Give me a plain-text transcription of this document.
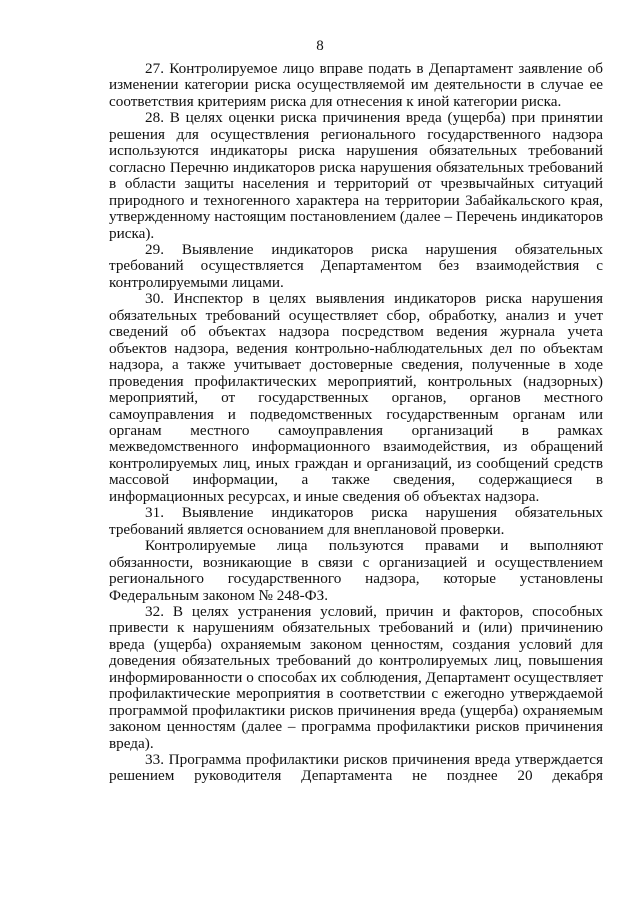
8

27. Контролируемое лицо вправе подать в Департамент заявление об изменении категории риска осуществляемой им деятельности в случае ее соответствия критериям риска для отнесения к иной категории риска.

28. В целях оценки риска причинения вреда (ущерба) при принятии решения для осуществления регионального государственного надзора используются индикаторы риска нарушения обязательных требований согласно Перечню индикаторов риска нарушения обязательных требований в области защиты населения и территорий от чрезвычайных ситуаций природного и техногенного характера на территории Забайкальского края, утвержденному настоящим постановлением (далее – Перечень индикаторов риска).

29. Выявление индикаторов риска нарушения обязательных требований осуществляется Департаментом без взаимодействия с контролируемыми лицами.

30. Инспектор в целях выявления индикаторов риска нарушения обязательных требований осуществляет сбор, обработку, анализ и учет сведений об объектах надзора посредством ведения журнала учета объектов надзора, ведения контрольно-наблюдательных дел по объектам надзора, а также учитывает достоверные сведения, полученные в ходе проведения профилактических мероприятий, контрольных (надзорных) мероприятий, от государственных органов, органов местного самоуправления и подведомственных государственным органам или органам местного самоуправления организаций в рамках межведомственного информационного взаимодействия, из обращений контролируемых лиц, иных граждан и организаций, из сообщений средств массовой информации, а также сведения, содержащиеся в информационных ресурсах, и иные сведения об объектах надзора.

31. Выявление индикаторов риска нарушения обязательных требований является основанием для внеплановой проверки.

Контролируемые лица пользуются правами и выполняют обязанности, возникающие в связи с организацией и осуществлением регионального государственного надзора, которые установлены Федеральным законом № 248-ФЗ.

32. В целях устранения условий, причин и факторов, способных привести к нарушениям обязательных требований и (или) причинению вреда (ущерба) охраняемым законом ценностям, создания условий для доведения обязательных требований до контролируемых лиц, повышения информированности о способах их соблюдения, Департамент осуществляет профилактические мероприятия в соответствии с ежегодно утверждаемой программой профилактики рисков причинения вреда (ущерба) охраняемым законом ценностям (далее – программа профилактики рисков причинения вреда).

33. Программа профилактики рисков причинения вреда утверждается решением руководителя Департамента не позднее 20 декабря
